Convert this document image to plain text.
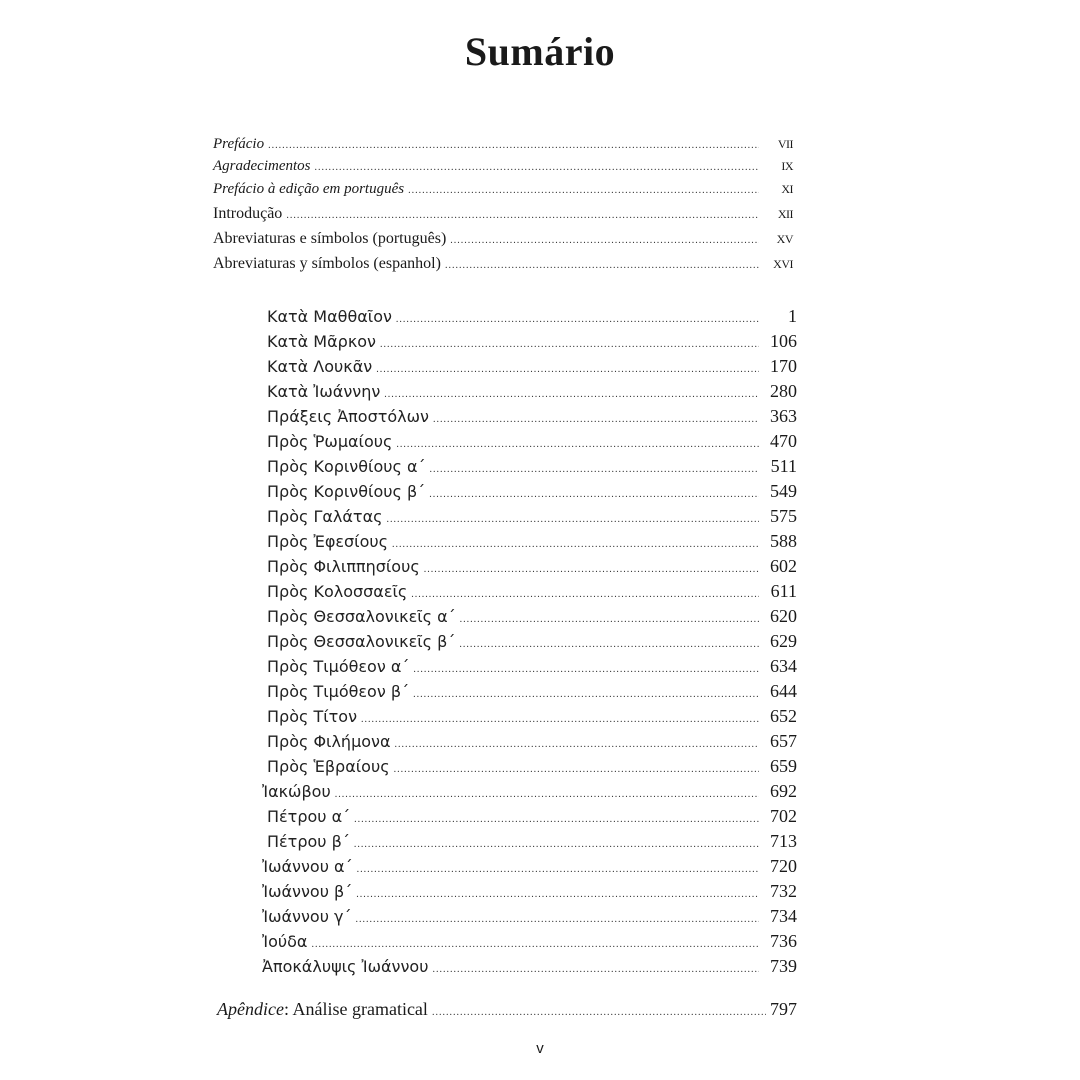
Sumário
Prefácio .....	VII
Agradecimentos .....	IX
Prefácio à edição em português .....	XI
Introdução .....	XII
Abreviaturas e símbolos (português) .....	XV
Abreviaturas y símbolos (espanhol) .....	XVI
Κατὰ Μαθθαῖον .....	1
Κατὰ Μᾶρκον .....	106
Κατὰ Λουκᾶν .....	170
Κατὰ Ἰωάννην .....	280
Πράξεις Ἀποστόλων .....	363
Πρὸς Ῥωμαίους .....	470
Πρὸς Κορινθίους α΄ .....	511
Πρὸς Κορινθίους β΄ .....	549
Πρὸς Γαλάτας .....	575
Πρὸς Ἐφεσίους .....	588
Πρὸς Φιλιππησίους .....	602
Πρὸς Κολοσσαεῖς .....	611
Πρὸς Θεσσαλονικεῖς α΄ .....	620
Πρὸς Θεσσαλονικεῖς β΄ .....	629
Πρὸς Τιμόθεον α΄ .....	634
Πρὸς Τιμόθεον β΄ .....	644
Πρὸς Τίτον .....	652
Πρὸς Φιλήμονα .....	657
Πρὸς Ἑβραίους .....	659
Ἰακώβου .....	692
Πέτρου α΄ .....	702
Πέτρου β΄ .....	713
Ἰωάννου α΄ .....	720
Ἰωάννου β΄ .....	732
Ἰωάννου γ΄ .....	734
Ἰούδα .....	736
Ἀποκάλυψις Ἰωάννου .....	739
Apêndice: Análise gramatical .....	797
v
